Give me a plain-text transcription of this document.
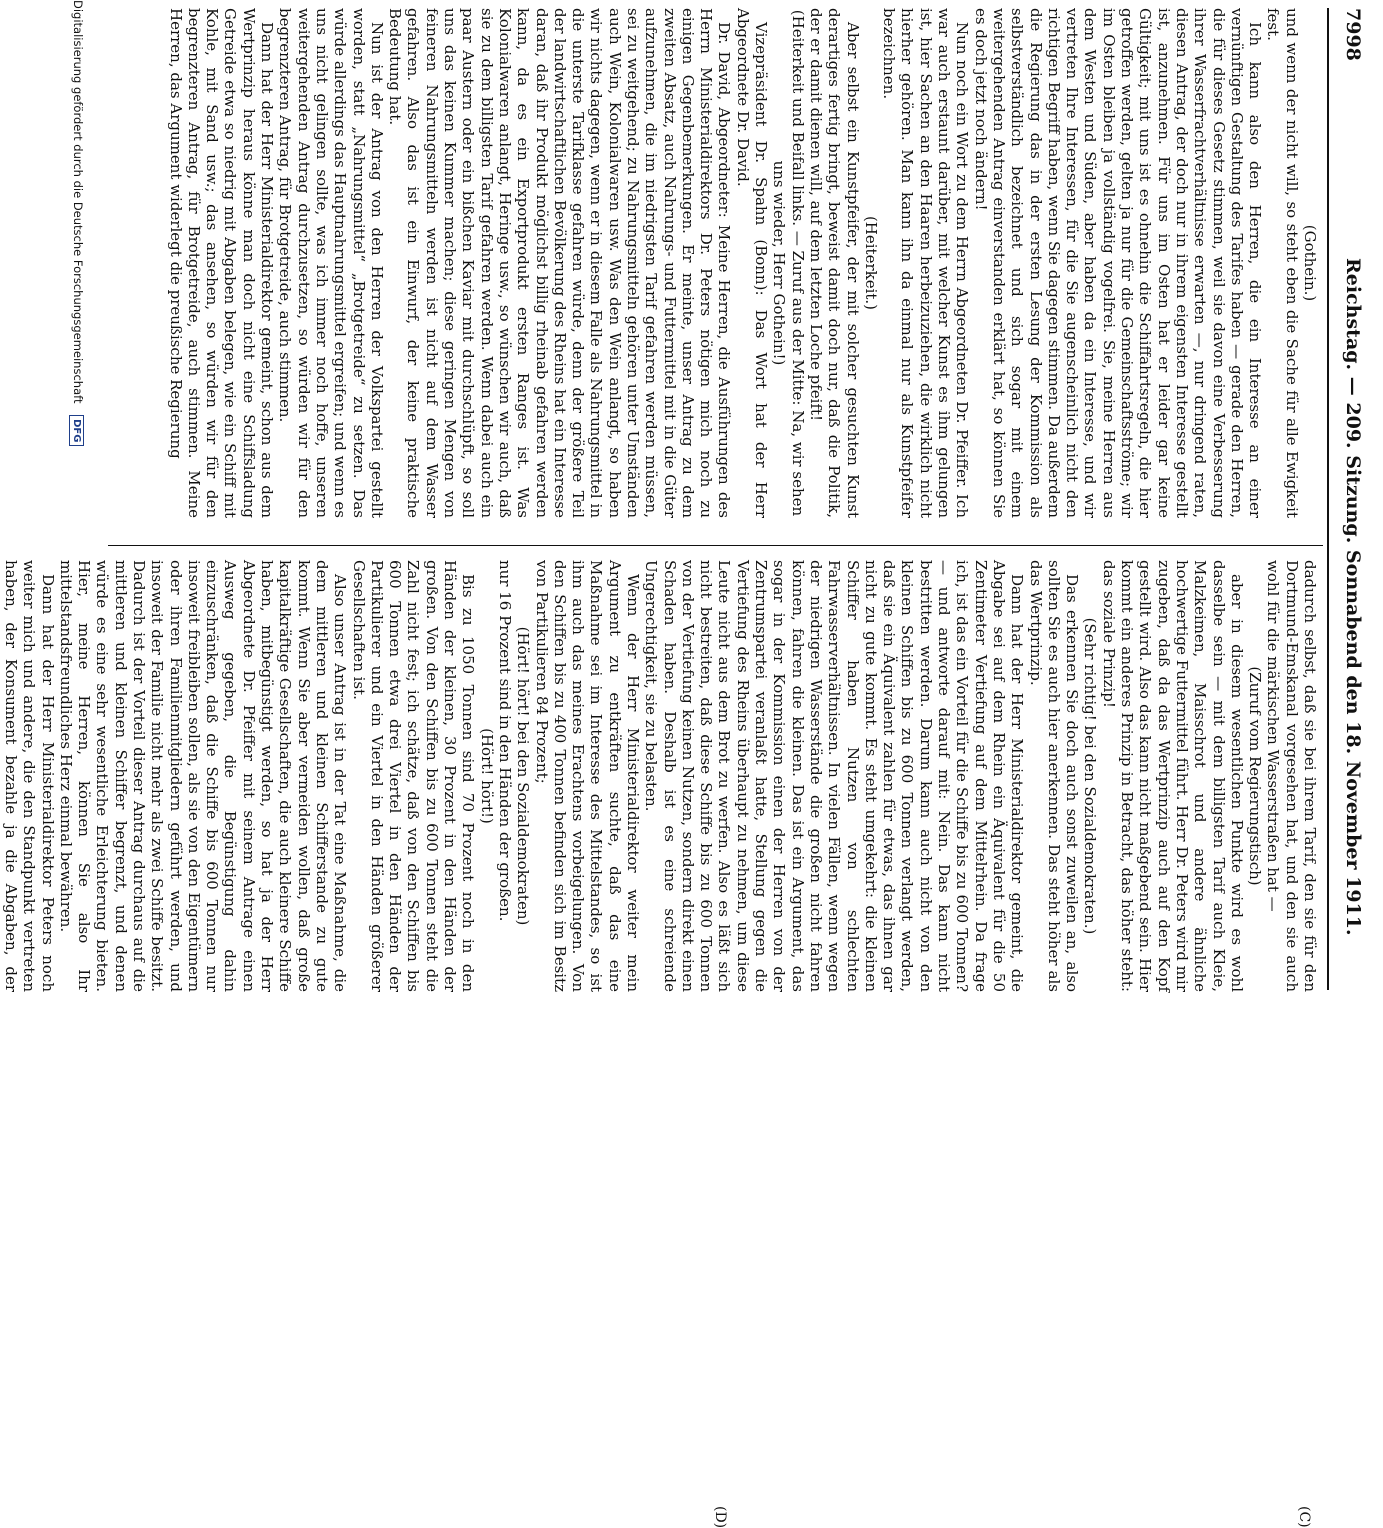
7998
Reichstag. — 209. Sitzung. Sonnabend den 18. November 1911.

(Gothein.)

und wenn der nicht will, so steht eben die Sache für alle Ewigkeit fest.

Ich kann also den Herren, die ein Interesse an einer vernünftigen Gestaltung des Tarifes haben — gerade den Herren, die für dieses Gesetz stimmen, weil sie davon eine Verbesserung ihrer Wasserfrachtverhältnisse erwarten —, nur dringend raten, diesen Antrag, der doch nur in ihrem eigensten Interesse gestellt ist, anzunehmen. Für uns im Osten hat er leider gar keine Gültigkeit; mit uns ist es ohnehin die Schiffahrtsregeln, die hier getroffen werden, gelten ja nur für die Gemeinschaftsströme; wir im Osten bleiben ja vollständig vogelfrei. Sie, meine Herren aus dem Westen und Süden, aber haben da ein Interesse, und wir vertreten Ihre Interessen, für die Sie augenscheinlich nicht den richtigen Begriff haben, wenn Sie dagegen stimmen. Da außerdem die Regierung das in der ersten Lesung der Kommission als selbstverständlich bezeichnet und sich sogar mit einem weitergehenden Antrag einverstanden erklärt hat, so können Sie es doch jetzt noch ändern!

Nun noch ein Wort zu dem Herrn Abgeordneten Dr. Pfeiffer. Ich war auch erstaunt darüber, mit welcher Kunst es ihm gelungen ist, hier Sachen an den Haaren herbeizuziehen, die wirklich nicht hierher gehören. Man kann ihn da einmal nur als Kunstpfeifer bezeichnen.

(Heiterkeit.)

Aber selbst ein Kunstpfeifer, der mit solcher gesuchten Kunst derartiges fertig bringt, beweist damit doch nur, daß die Politik, der er damit dienen will, auf dem letzten Loche pfeift!

(Heiterkeit und Beifall links. — Zuruf aus der Mitte: Na, wir sehen uns wieder, Herr Gothein!)

Vizepräsident Dr. Spahn (Bonn): Das Wort hat der Herr Abgeordnete Dr. David.

Dr. David, Abgeordneter: Meine Herren, die Ausführungen des Herrn Ministerialdirektors Dr. Peters nötigen mich noch zu einigen Gegenbemerkungen. Er meinte, unser Antrag zu dem zweiten Absatz, auch Nahrungs- und Futtermittel mit in die Güter aufzunehmen, die im niedrigsten Tarif gefahren werden müssen, sei zu weitgehend; zu Nahrungsmitteln gehören unter Umständen auch Wein, Kolonialwaren usw. Was den Wein anlangt, so haben wir nichts dagegen, wenn er in diesem Falle als Nahrungsmittel in die unterste Tarifklasse gefahren würde, denn der größere Teil der landwirtschaftlichen Bevölkerung des Rheins hat ein Interesse daran, daß ihr Produkt möglichst billig rheinab gefahren werden kann, da es ein Exportprodukt ersten Ranges ist. Was Kolonialwaren anlangt, Heringe usw., so wünschen wir auch, daß sie zu dem billigsten Tarif gefahren werden. Wenn dabei auch ein paar Austern oder ein bißchen Kaviar mit durchschlüpft, so soll uns das keinen Kummer machen; diese geringen Mengen von feineren Nahrungsmitteln werden ist nicht auf dem Wasser gefahren. Also das ist ein Einwurf, der keine praktische Bedeutung hat.

Nun ist der Antrag von den Herren der Volkspartei gestellt worden, statt „Nahrungsmittel“ „Brotgetreide“ zu setzen. Das würde allerdings das Hauptnahrungsmittel ergreifen; und wenn es uns nicht gelingen sollte, was ich immer noch hoffe, unseren weitergehenden Antrag durchzusetzen, so würden wir für den begrenzteren Antrag, für Brotgetreide, auch stimmen.

Dann hat der Herr Ministerialdirektor gemeint, schon aus dem Wertprinzip heraus könne man doch nicht eine Schiffsladung Getreide etwa so niedrig mit Abgaben belegen, wie ein Schiff mit Kohle, mit Sand usw.; das ansehen, so würden wir für den begrenzteren Antrag, für Brotgetreide, auch stimmen. Meine Herren, das Argument widerlegt die preußische Regierung

(C)
(D)

dadurch selbst, daß sie bei ihrem Tarif, den sie für den Dortmund-Emskanal vorgesehen hat, und den sie auch wohl für die märkischen Wasserstraßen hat —

(Zuruf vom Regierungstisch)

aber in diesem wesentlichen Punkte wird es wohl dasselbe sein — mit dem billigsten Tarif auch Kleie, Malzkeimen, Maisschrot und andere ähnliche hochwertige Futtermittel führt. Herr Dr. Peters wird mir zugeben, daß da das Wertprinzip auch auf den Kopf gestellt wird. Also das kann nicht maßgebend sein. Hier kommt ein anderes Prinzip in Betracht, das höher steht: das soziale Prinzip!

(Sehr richtig! bei den Sozialdemokraten.)

Das erkennen Sie doch auch sonst zuweilen an, also sollten Sie es auch hier anerkennen. Das steht höher als das Wertprinzip.

Dann hat der Herr Ministerialdirektor gemeint, die Abgabe sei auf dem Rhein ein Äquivalent für die 50 Zentimeter Vertiefung auf dem Mittelrhein. Da frage ich, ist das ein Vorteil für die Schiffe bis zu 600 Tonnen? — und antworte darauf mit: Nein. Das kann nicht bestritten werden. Darum kann auch nicht von den kleinen Schiffen bis zu 600 Tonnen verlangt werden, daß sie ein Äquivalent zahlen für etwas, das ihnen gar nicht zu gute kommt. Es steht umgekehrt: die kleinen Schiffer haben Nutzen von schlechten Fahrwasserverhältnissen. In vielen Fällen, wenn wegen der niedrigen Wasserstände die großen nicht fahren können, fahren die kleinen. Das ist ein Argument, das sogar in der Kommission einen der Herren von der Zentrumspartei veranlaßt hatte, Stellung gegen die Vertiefung des Rheins überhaupt zu nehmen, um diese Leute nicht aus dem Brot zu werfen. Also es läßt sich nicht bestreiten, daß diese Schiffe bis zu 600 Tonnen von der Vertiefung keinen Nutzen, sondern direkt einen Schaden haben. Deshalb ist es eine schreiende Ungerechtigkeit, sie zu belasten.

Wenn der Herr Ministerialdirektor weiter mein Argument zu entkräften suchte, daß das eine Maßnahme sei im Interesse des Mittelstandes, so ist ihm auch das meines Erachtens vorbeigelungen. Von den Schiffen bis zu 400 Tonnen befinden sich im Besitz von Partikulieren 84 Prozent;

(Hört! hört! bei den Sozialdemokraten)

nur 16 Prozent sind in den Händen der großen.

(Hört! hört!)

Bis zu 1050 Tonnen sind 70 Prozent noch in den Händen der kleinen, 30 Prozent in den Händen der großen. Von den Schiffen bis zu 600 Tonnen steht die Zahl nicht fest; ich schätze, daß von den Schiffen bis 600 Tonnen etwa drei Viertel in den Händen der Partikulierer und ein Viertel in den Händen größerer Gesellschaften ist.

Also unser Antrag ist in der Tat eine Maßnahme, die dem mittleren und kleinen Schifferstande zu gute kommt. Wenn Sie aber vermeiden wollen, daß große kapitalkräftige Gesellschaften, die auch kleinere Schiffe haben, mitbegünstigt werden, so hat ja der Herr Abgeordnete Dr. Pfeiffer mit seinem Antrage einen Ausweg gegeben, die Begünstigung dahin einzuschränken, daß die Schiffe bis 600 Tonnen nur insoweit freibleiben sollen, als sie von den Eigentümern oder ihren Familienmitgliedern geführt werden, und insoweit der Familie nicht mehr als zwei Schiffe besitzt. Dadurch ist der Vorteil dieser Antrag durchaus auf die mittleren und kleinen Schiffer begrenzt, und denen würde es eine sehr wesentliche Erleichterung bieten. Hier, meine Herren, können Sie also Ihr mittelstandsfreundliches Herz einmal bewähren.

Dann hat der Herr Ministerialdirektor Peters noch weiter mich und andere, die den Standpunkt vertreten haben, der Konsument bezahle ja die Abgaben, der

Digitalisierung gefördert durch die Deutsche Forschungsgemeinschaft DFG
